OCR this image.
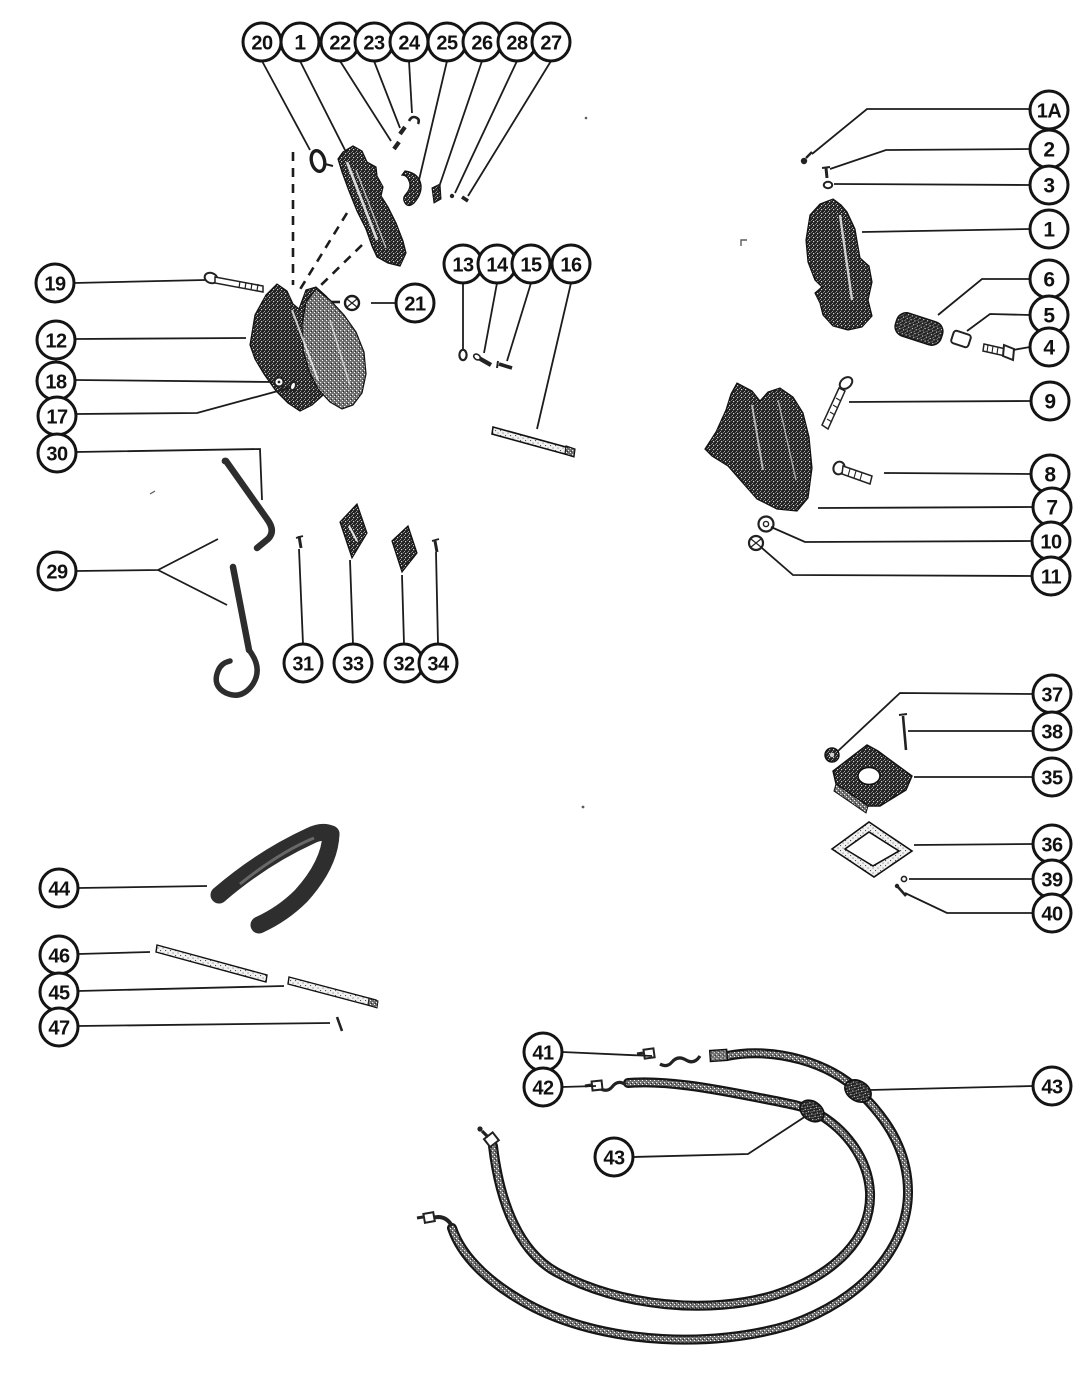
20 1 22 23 24 25 26 28 27
1A
2
3
1
6
5
4
9
8
7
10
11
37
38
35
36
39
40
19
12
18
17
30
29
21
13 14 15 16
31 33 32 34
44
46
45
47
41
42
43
43
